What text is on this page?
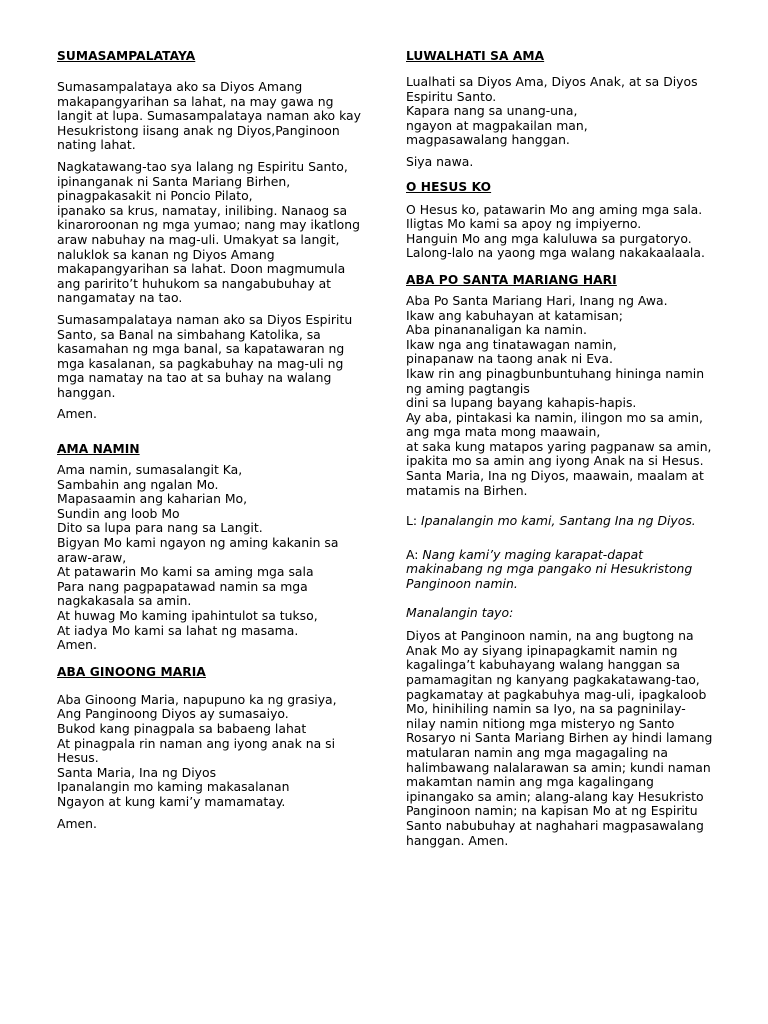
SUMASAMPALATAYA

Sumasampalataya ako sa Diyos Amang
makapangyarihan sa lahat, na may gawa ng
langit at lupa. Sumasampalataya naman ako kay
Hesukristong iisang anak ng Diyos,Panginoon
nating lahat.

Nagkatawang-tao sya lalang ng Espiritu Santo,
ipinanganak ni Santa Mariang Birhen,
pinagpakasakit ni Poncio Pilato,
ipanako sa krus, namatay, inilibing. Nanaog sa
kinaroroonan ng mga yumao; nang may ikatlong
araw nabuhay na mag-uli. Umakyat sa langit,
naluklok sa kanan ng Diyos Amang
makapangyarihan sa lahat. Doon magmumula
ang paririto’t huhukom sa nangabubuhay at
nangamatay na tao.

Sumasampalataya naman ako sa Diyos Espiritu
Santo, sa Banal na simbahang Katolika, sa
kasamahan ng mga banal, sa kapatawaran ng
mga kasalanan, sa pagkabuhay na mag-uli ng
mga namatay na tao at sa buhay na walang
hanggan.

Amen.

AMA NAMIN

Ama namin, sumasalangit Ka,
Sambahin ang ngalan Mo.
Mapasaamin ang kaharian Mo,
Sundin ang loob Mo
Dito sa lupa para nang sa Langit.
Bigyan Mo kami ngayon ng aming kakanin sa
araw-araw,
At patawarin Mo kami sa aming mga sala
Para nang pagpapatawad namin sa mga
nagkakasala sa amin.
At huwag Mo kaming ipahintulot sa tukso,
At iadya Mo kami sa lahat ng masama.
Amen.

ABA GINOONG MARIA

Aba Ginoong Maria, napupuno ka ng grasiya,
Ang Panginoong Diyos ay sumasaiyo.
Bukod kang pinagpala sa babaeng lahat
At pinagpala rin naman ang iyong anak na si
Hesus.
Santa Maria, Ina ng Diyos
Ipanalangin mo kaming makasalanan
Ngayon at kung kami’y mamamatay.

Amen.

LUWALHATI SA AMA

Lualhati sa Diyos Ama, Diyos Anak, at sa Diyos
Espiritu Santo.
Kapara nang sa unang-una,
ngayon at magpakailan man,
magpasawalang hanggan.

Siya nawa.

O HESUS KO

O Hesus ko, patawarin Mo ang aming mga sala.
Iligtas Mo kami sa apoy ng impiyerno.
Hanguin Mo ang mga kaluluwa sa purgatoryo.
Lalong-lalo na yaong mga walang nakakaalaala.

ABA PO SANTA MARIANG HARI

Aba Po Santa Mariang Hari, Inang ng Awa.
Ikaw ang kabuhayan at katamisan;
Aba pinananaligan ka namin.
Ikaw nga ang tinatawagan namin,
pinapanaw na taong anak ni Eva.
Ikaw rin ang pinagbunbuntuhang hininga namin
ng aming pagtangis
dini sa lupang bayang kahapis-hapis.
Ay aba, pintakasi ka namin, ilingon mo sa amin,
ang mga mata mong maawain,
at saka kung matapos yaring pagpanaw sa amin,
ipakita mo sa amin ang iyong Anak na si Hesus.
Santa Maria, Ina ng Diyos, maawain, maalam at
matamis na Birhen.

L: Ipanalangin mo kami, Santang Ina ng Diyos.

A: Nang kami’y maging karapat-dapat
makinabang ng mga pangako ni Hesukristong
Panginoon namin.

Manalangin tayo:

Diyos at Panginoon namin, na ang bugtong na
Anak Mo ay siyang ipinapagkamit namin ng
kagalinga’t kabuhayang walang hanggan sa
pamamagitan ng kanyang pagkakatawang-tao,
pagkamatay at pagkabuhya mag-uli, ipagkaloob
Mo, hinihiling namin sa Iyo, na sa pagninilay-
nilay namin nitiong mga misteryo ng Santo
Rosaryo ni Santa Mariang Birhen ay hindi lamang
matularan namin ang mga magagaling na
halimbawang nalalarawan sa amin; kundi naman
makamtan namin ang mga kagalingang
ipinangako sa amin; alang-alang kay Hesukristo
Panginoon namin; na kapisan Mo at ng Espiritu
Santo nabubuhay at naghahari magpasawalang
hanggan. Amen.
